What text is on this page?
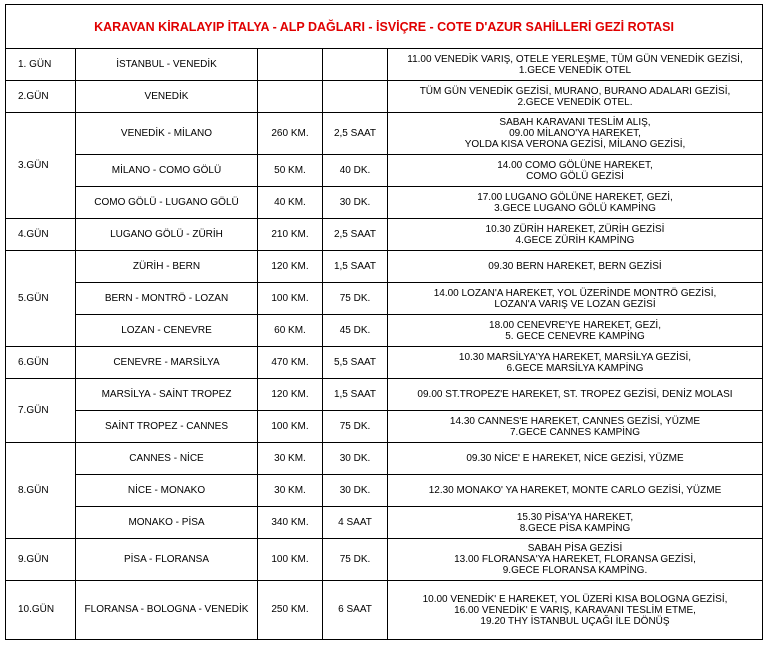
KARAVAN KİRALAYIP İTALYA - ALP DAĞLARI - İSVİÇRE - COTE D'AZUR SAHİLLERİ GEZİ ROTASI				
1. GÜN	İSTANBUL - VENEDİK			11.00 VENEDİK VARIŞ, OTELE YERLEŞME, TÜM GÜN VENEDİK GEZİSİ,
1.GECE VENEDİK OTEL
2.GÜN	VENEDİK			TÜM GÜN VENEDİK GEZİSİ, MURANO, BURANO ADALARI GEZİSİ,
2.GECE VENEDİK OTEL.
3.GÜN	VENEDİK - MİLANO	260 KM.	2,5 SAAT	SABAH KARAVANI TESLİM ALIŞ,
09.00 MİLANO'YA HAREKET,
YOLDA KISA VERONA GEZİSİ, MİLANO GEZİSİ,
	MİLANO - COMO GÖLÜ	50 KM.	40 DK.	14.00 COMO GÖLÜNE HAREKET,
COMO GÖLÜ GEZİSİ
	COMO GÖLÜ - LUGANO GÖLÜ	40 KM.	30 DK.	17.00 LUGANO GÖLÜNE HAREKET, GEZİ,
3.GECE LUGANO GÖLÜ KAMPİNG
4.GÜN	LUGANO GÖLÜ - ZÜRİH	210 KM.	2,5 SAAT	10.30 ZÜRİH HAREKET, ZÜRİH GEZİSİ
4.GECE ZÜRİH KAMPİNG
5.GÜN	ZÜRİH - BERN	120 KM.	1,5 SAAT	09.30 BERN HAREKET, BERN GEZİSİ
	BERN - MONTRÖ - LOZAN	100 KM.	75 DK.	14.00 LOZAN'A HAREKET, YOL ÜZERİNDE MONTRÖ GEZİSİ,
LOZAN'A VARIŞ VE LOZAN GEZİSİ
	LOZAN - CENEVRE	60 KM.	45 DK.	18.00 CENEVRE'YE HAREKET, GEZİ,
5. GECE CENEVRE KAMPİNG
6.GÜN	CENEVRE - MARSİLYA	470 KM.	5,5 SAAT	10.30 MARSİLYA'YA HAREKET, MARSİLYA GEZİSİ,
6.GECE MARSİLYA KAMPİNG
7.GÜN	MARSİLYA - SAİNT TROPEZ	120 KM.	1,5 SAAT	09.00 ST.TROPEZ'E HAREKET, ST. TROPEZ GEZİSİ, DENİZ MOLASI
	SAİNT TROPEZ - CANNES	100 KM.	75 DK.	14.30 CANNES'E HAREKET, CANNES GEZİSİ, YÜZME
7.GECE CANNES KAMPİNG
8.GÜN	CANNES - NİCE	30 KM.	30 DK.	09.30 NİCE' E HAREKET, NİCE GEZİSİ, YÜZME
	NİCE - MONAKO	30 KM.	30 DK.	12.30 MONAKO' YA HAREKET, MONTE CARLO GEZİSİ, YÜZME
	MONAKO - PİSA	340 KM.	4 SAAT	15.30 PİSA'YA HAREKET,
8.GECE PİSA KAMPİNG
9.GÜN	PİSA - FLORANSA	100 KM.	75 DK.	SABAH PİSA GEZİSİ
13.00 FLORANSA'YA HAREKET, FLORANSA GEZİSİ,
9.GECE FLORANSA KAMPİNG.
10.GÜN	FLORANSA - BOLOGNA - VENEDİK	250 KM.	6 SAAT	10.00 VENEDİK' E HAREKET, YOL ÜZERİ KISA BOLOGNA GEZİSİ,
16.00 VENEDİK' E VARIŞ, KARAVANI TESLİM ETME,
19.20 THY İSTANBUL UÇAĞI İLE DÖNÜŞ
